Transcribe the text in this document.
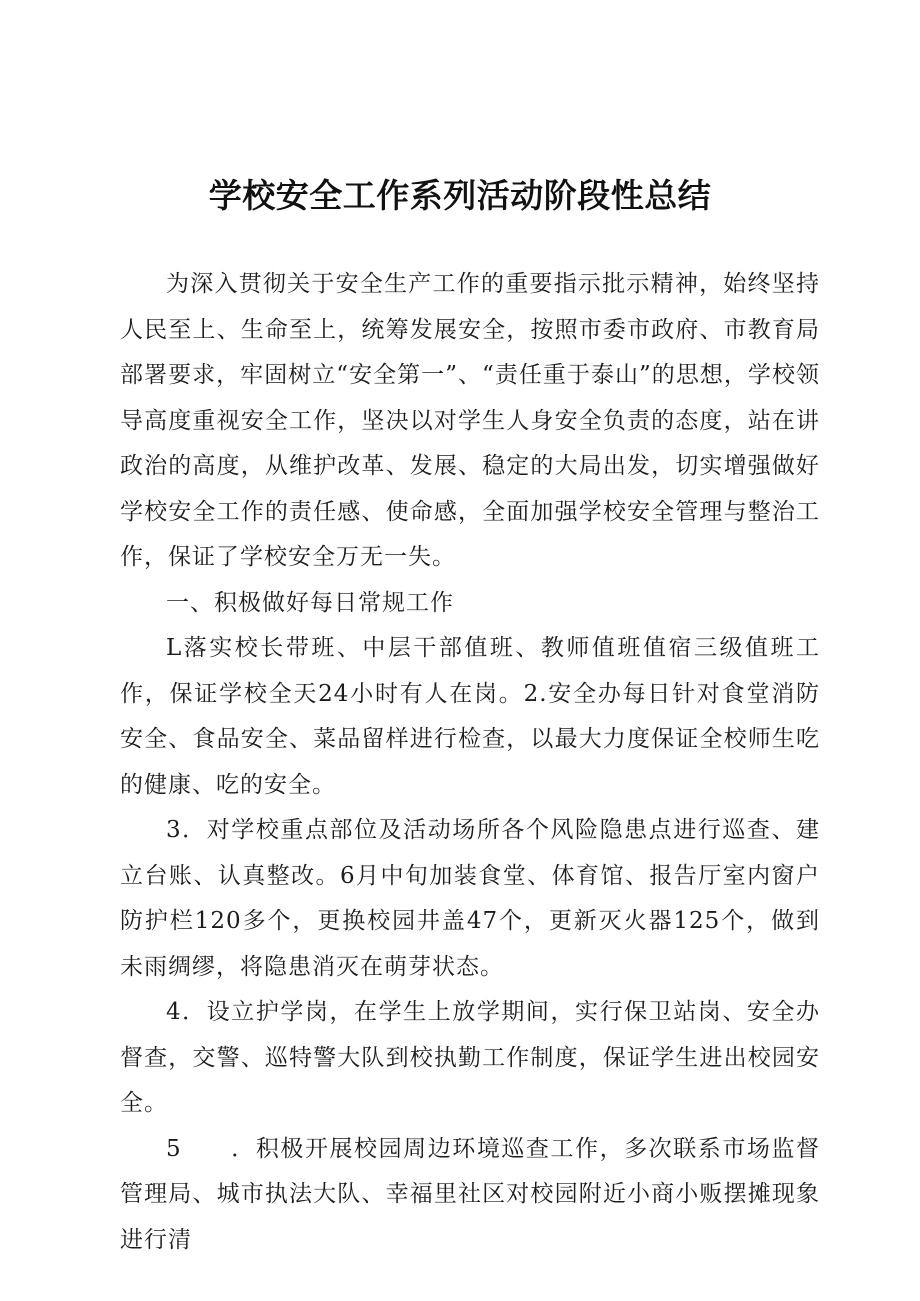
学校安全工作系列活动阶段性总结

为深入贯彻关于安全生产工作的重要指示批示精神，始终坚持人民至上、生命至上，统筹发展安全，按照市委市政府、市教育局部署要求，牢固树立“安全第一”、“责任重于泰山”的思想，学校领导高度重视安全工作，坚决以对学生人身安全负责的态度，站在讲政治的高度，从维护改革、发展、稳定的大局出发，切实增强做好学校安全工作的责任感、使命感，全面加强学校安全管理与整治工作，保证了学校安全万无一失。

一、积极做好每日常规工作

L落实校长带班、中层干部值班、教师值班值宿三级值班工作，保证学校全天24小时有人在岗。2.安全办每日针对食堂消防安全、食品安全、菜品留样进行检查，以最大力度保证全校师生吃的健康、吃的安全。

3．对学校重点部位及活动场所各个风险隐患点进行巡查、建立台账、认真整改。6月中旬加装食堂、体育馆、报告厅室内窗户防护栏120多个，更换校园井盖47个，更新灭火器125个，做到未雨绸缪，将隐患消灭在萌芽状态。

4．设立护学岗，在学生上放学期间，实行保卫站岗、安全办督查，交警、巡特警大队到校执勤工作制度，保证学生进出校园安全。

5　　．积极开展校园周边环境巡查工作，多次联系市场监督管理局、城市执法大队、幸福里社区对校园附近小商小贩摆摊现象进行清
